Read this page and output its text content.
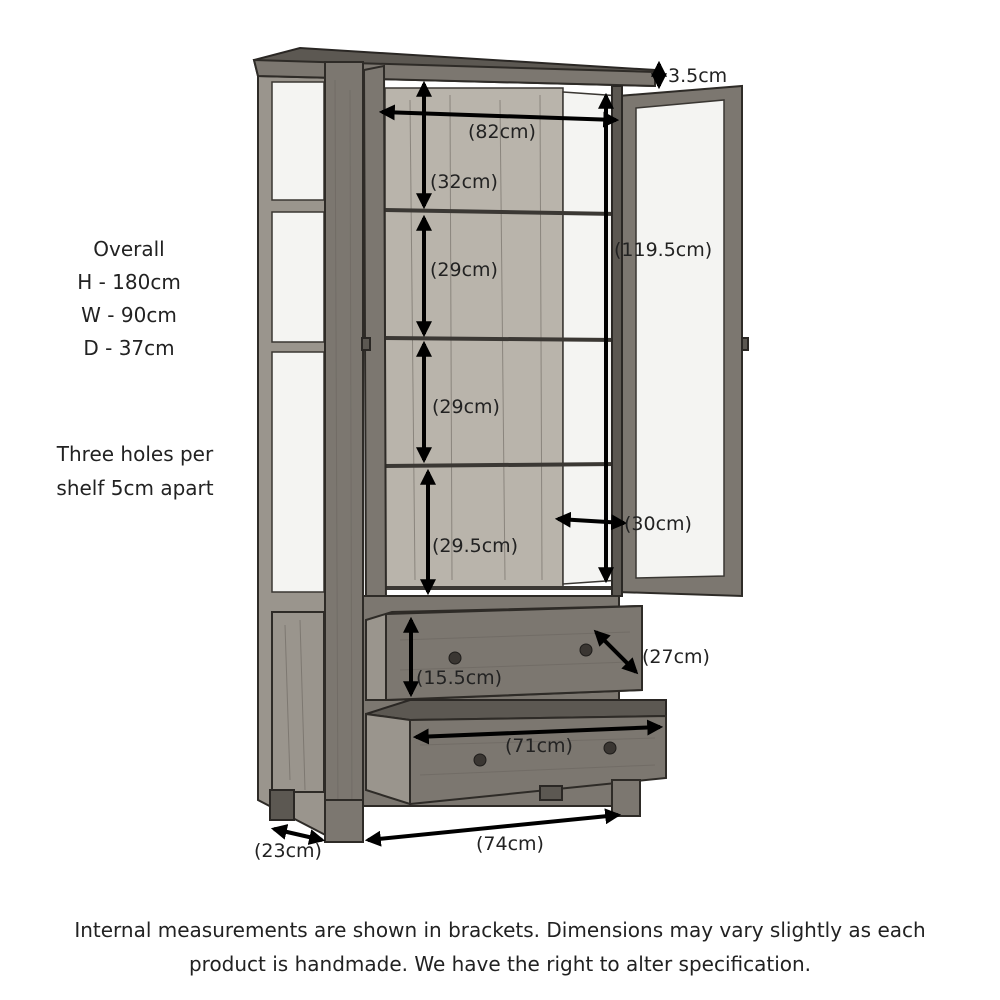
3.5cm
(82cm)
(32cm)
(29cm)
(29cm)
(29.5cm)
(119.5cm)
(30cm)
(15.5cm)
(27cm)
(71cm)
(74cm)
(23cm)
Overall
H - 180cm
W - 90cm
D - 37cm
Three holes per
shelf 5cm apart
Internal measurements are shown in brackets. Dimensions may vary slightly as each
product is handmade. We have the right to alter specification.
